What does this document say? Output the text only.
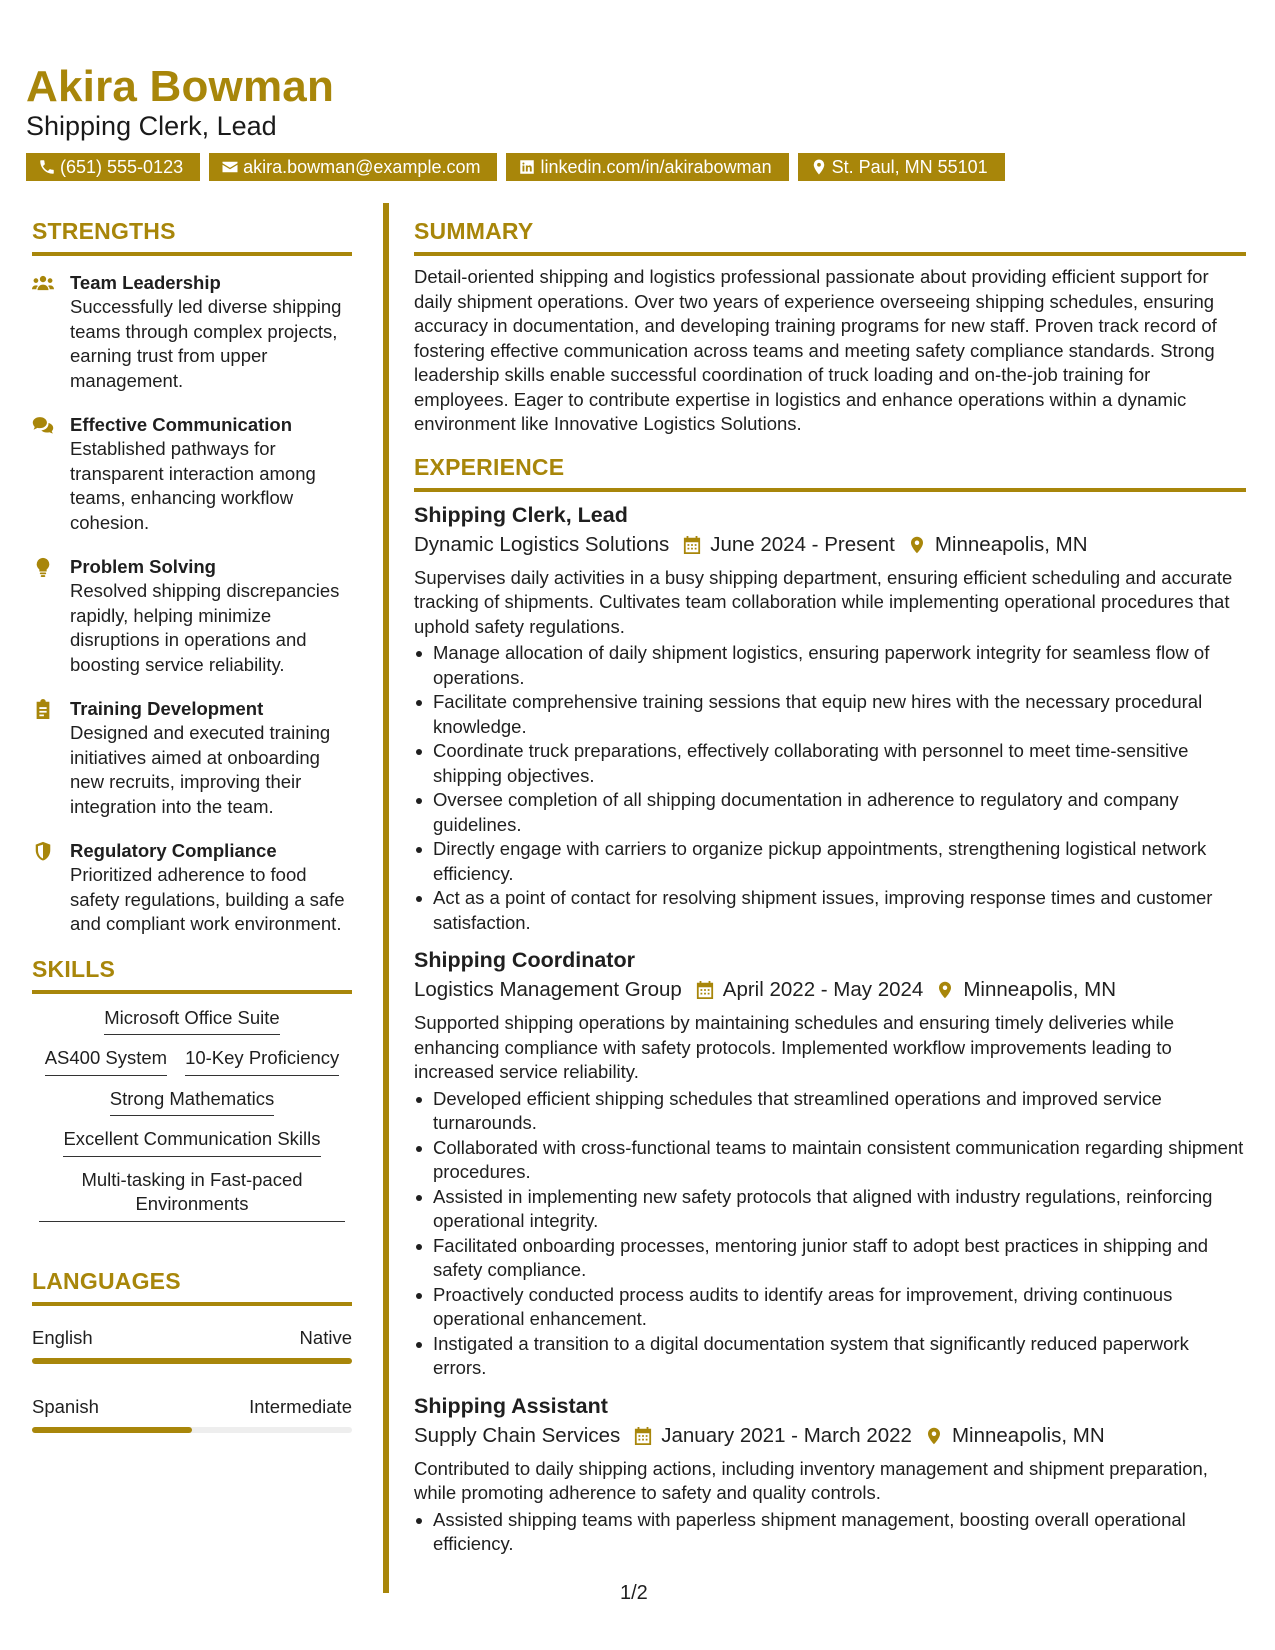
Akira Bowman
Shipping Clerk, Lead
(651) 555-0123	akira.bowman@example.com	linkedin.com/in/akirabowman	St. Paul, MN 55101
STRENGTHS
Team Leadership
Successfully led diverse shipping teams through complex projects, earning trust from upper management.
Effective Communication
Established pathways for transparent interaction among teams, enhancing workflow cohesion.
Problem Solving
Resolved shipping discrepancies rapidly, helping minimize disruptions in operations and boosting service reliability.
Training Development
Designed and executed training initiatives aimed at onboarding new recruits, improving their integration into the team.
Regulatory Compliance
Prioritized adherence to food safety regulations, building a safe and compliant work environment.
SKILLS
Microsoft Office Suite
AS400 System 10-Key Proficiency
Strong Mathematics
Excellent Communication Skills
Multi-tasking in Fast-paced Environments
LANGUAGES
English	Native
Spanish	Intermediate
SUMMARY
Detail-oriented shipping and logistics professional passionate about providing efficient support for daily shipment operations. Over two years of experience overseeing shipping schedules, ensuring accuracy in documentation, and developing training programs for new staff. Proven track record of fostering effective communication across teams and meeting safety compliance standards. Strong leadership skills enable successful coordination of truck loading and on-the-job training for employees. Eager to contribute expertise in logistics and enhance operations within a dynamic environment like Innovative Logistics Solutions.
EXPERIENCE
Shipping Clerk, Lead
Dynamic Logistics Solutions June 2024 - Present Minneapolis, MN
Supervises daily activities in a busy shipping department, ensuring efficient scheduling and accurate tracking of shipments. Cultivates team collaboration while implementing operational procedures that uphold safety regulations.
Manage allocation of daily shipment logistics, ensuring paperwork integrity for seamless flow of operations.
Facilitate comprehensive training sessions that equip new hires with the necessary procedural knowledge.
Coordinate truck preparations, effectively collaborating with personnel to meet time-sensitive shipping objectives.
Oversee completion of all shipping documentation in adherence to regulatory and company guidelines.
Directly engage with carriers to organize pickup appointments, strengthening logistical network efficiency.
Act as a point of contact for resolving shipment issues, improving response times and customer satisfaction.
Shipping Coordinator
Logistics Management Group April 2022 - May 2024 Minneapolis, MN
Supported shipping operations by maintaining schedules and ensuring timely deliveries while enhancing compliance with safety protocols. Implemented workflow improvements leading to increased service reliability.
Developed efficient shipping schedules that streamlined operations and improved service turnarounds.
Collaborated with cross-functional teams to maintain consistent communication regarding shipment procedures.
Assisted in implementing new safety protocols that aligned with industry regulations, reinforcing operational integrity.
Facilitated onboarding processes, mentoring junior staff to adopt best practices in shipping and safety compliance.
Proactively conducted process audits to identify areas for improvement, driving continuous operational enhancement.
Instigated a transition to a digital documentation system that significantly reduced paperwork errors.
Shipping Assistant
Supply Chain Services January 2021 - March 2022 Minneapolis, MN
Contributed to daily shipping actions, including inventory management and shipment preparation, while promoting adherence to safety and quality controls.
Assisted shipping teams with paperless shipment management, boosting overall operational efficiency.
1/2
